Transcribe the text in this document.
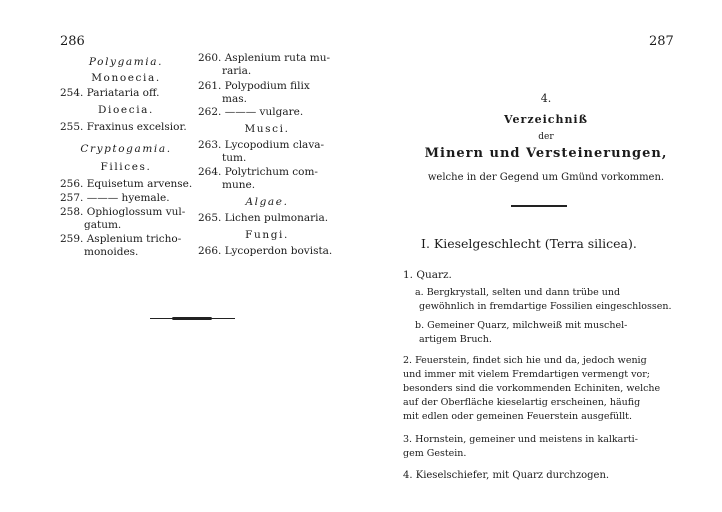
286
Polygamia.
Monoecia.
254. Pariataria off.
Dioecia.
255. Fraxinus excelsior.
Cryptogamia.
Filices.
256. Equisetum arvense.
257. ——— hyemale.
258. Ophioglossum vul-
gatum.
259. Asplenium tricho-
monoides.
260. Asplenium ruta mu-
raria.
261. Polypodium filix
mas.
262. ——— vulgare.
Musci.
263. Lycopodium clava-
tum.
264. Polytrichum com-
mune.
Algae.
265. Lichen pulmonaria.
Fungi.
266. Lycoperdon bovista.
287
4.
Verzeichniß
der
Minern und Versteinerungen,
welche in der Gegend um Gmünd vorkommen.
I. Kieselgeschlecht (Terra silicea).
1. Quarz.
a. Bergkrystall, selten und dann trübe und
gewöhnlich in fremdartige Fossilien eingeschlossen.
b. Gemeiner Quarz, milchweiß mit muschel-
artigem Bruch.
2. Feuerstein, findet sich hie und da, jedoch wenig
und immer mit vielem Fremdartigen vermengt vor;
besonders sind die vorkommenden Echiniten, welche
auf der Oberfläche kieselartig erscheinen, häufig
mit edlen oder gemeinen Feuerstein ausgefüllt.
3. Hornstein, gemeiner und meistens in kalkarti-
gem Gestein.
4. Kieselschiefer, mit Quarz durchzogen.
